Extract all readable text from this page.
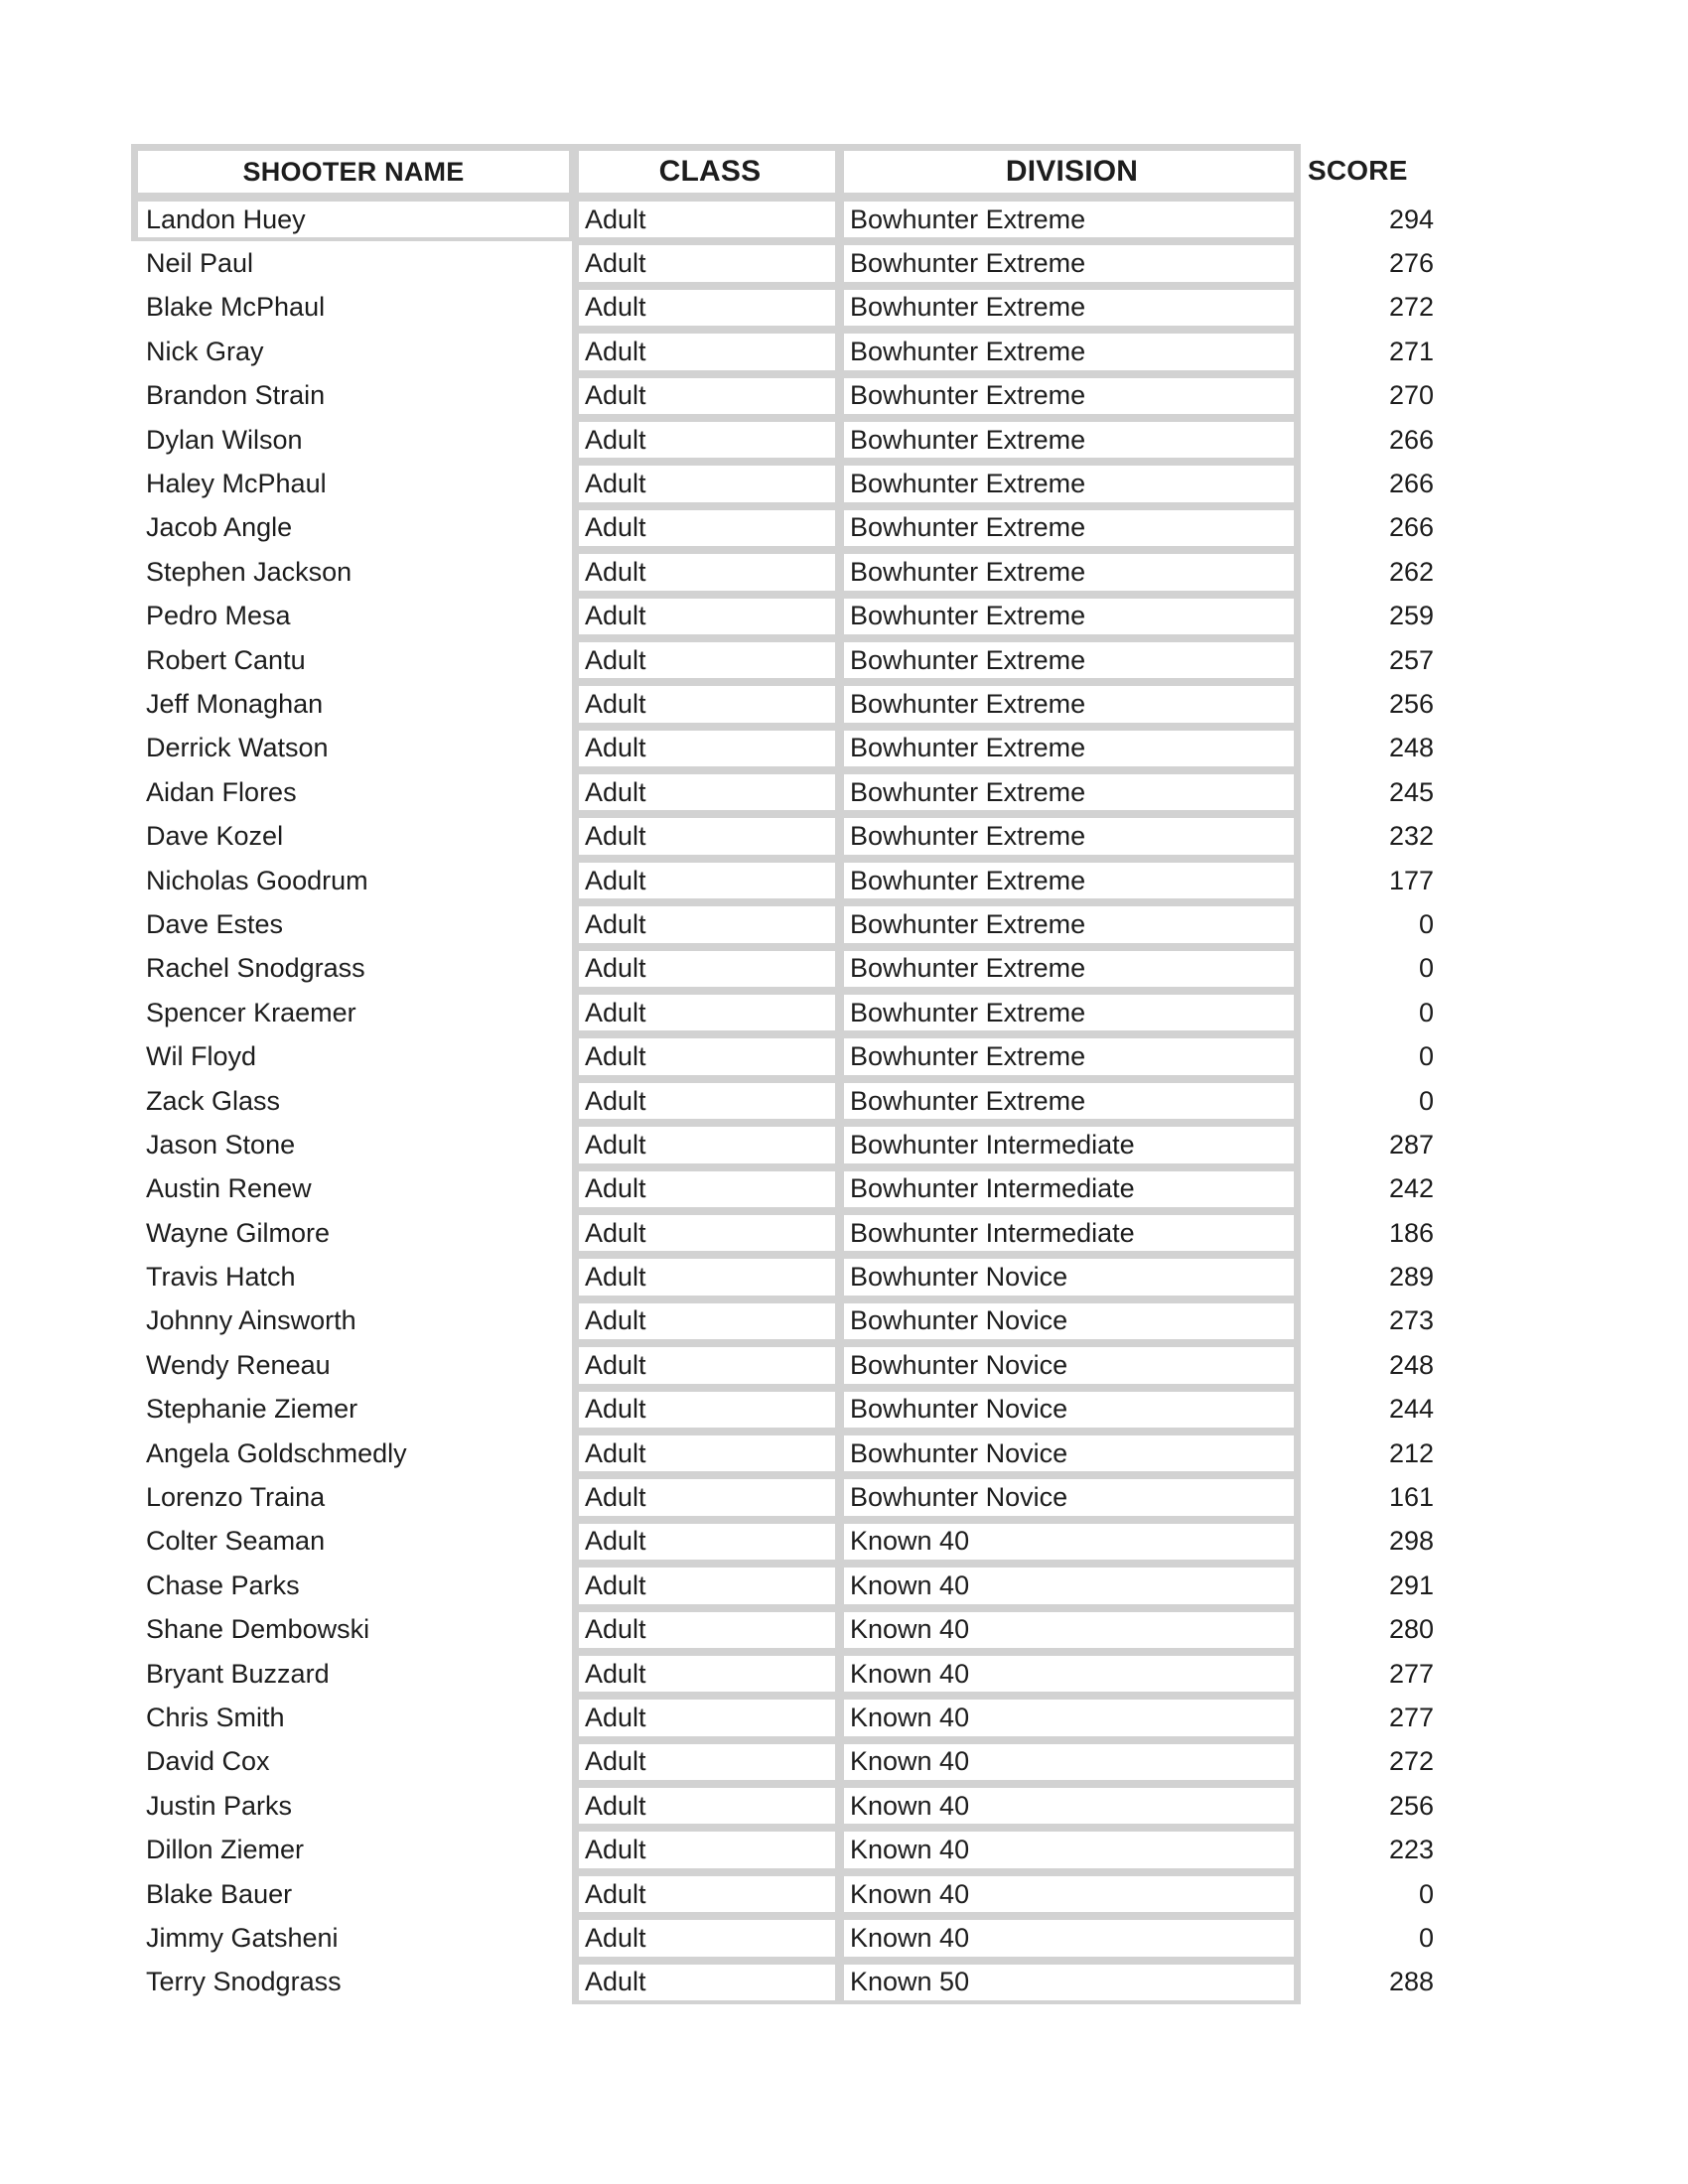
SHOOTER NAME	CLASS	DIVISION	SCORE
Landon Huey	Adult	Bowhunter Extreme	294
Neil Paul	Adult	Bowhunter Extreme	276
Blake McPhaul	Adult	Bowhunter Extreme	272
Nick Gray	Adult	Bowhunter Extreme	271
Brandon Strain	Adult	Bowhunter Extreme	270
Dylan Wilson	Adult	Bowhunter Extreme	266
Haley McPhaul	Adult	Bowhunter Extreme	266
Jacob Angle	Adult	Bowhunter Extreme	266
Stephen Jackson	Adult	Bowhunter Extreme	262
Pedro Mesa	Adult	Bowhunter Extreme	259
Robert Cantu	Adult	Bowhunter Extreme	257
Jeff Monaghan	Adult	Bowhunter Extreme	256
Derrick Watson	Adult	Bowhunter Extreme	248
Aidan Flores	Adult	Bowhunter Extreme	245
Dave Kozel	Adult	Bowhunter Extreme	232
Nicholas Goodrum	Adult	Bowhunter Extreme	177
Dave Estes	Adult	Bowhunter Extreme	0
Rachel Snodgrass	Adult	Bowhunter Extreme	0
Spencer Kraemer	Adult	Bowhunter Extreme	0
Wil Floyd	Adult	Bowhunter Extreme	0
Zack Glass	Adult	Bowhunter Extreme	0
Jason Stone	Adult	Bowhunter Intermediate	287
Austin Renew	Adult	Bowhunter Intermediate	242
Wayne Gilmore	Adult	Bowhunter Intermediate	186
Travis Hatch	Adult	Bowhunter Novice	289
Johnny Ainsworth	Adult	Bowhunter Novice	273
Wendy Reneau	Adult	Bowhunter Novice	248
Stephanie Ziemer	Adult	Bowhunter Novice	244
Angela Goldschmedly	Adult	Bowhunter Novice	212
Lorenzo Traina	Adult	Bowhunter Novice	161
Colter Seaman	Adult	Known 40	298
Chase Parks	Adult	Known 40	291
Shane Dembowski	Adult	Known 40	280
Bryant Buzzard	Adult	Known 40	277
Chris Smith	Adult	Known 40	277
David Cox	Adult	Known 40	272
Justin Parks	Adult	Known 40	256
Dillon Ziemer	Adult	Known 40	223
Blake Bauer	Adult	Known 40	0
Jimmy Gatsheni	Adult	Known 40	0
Terry Snodgrass	Adult	Known 50	288
